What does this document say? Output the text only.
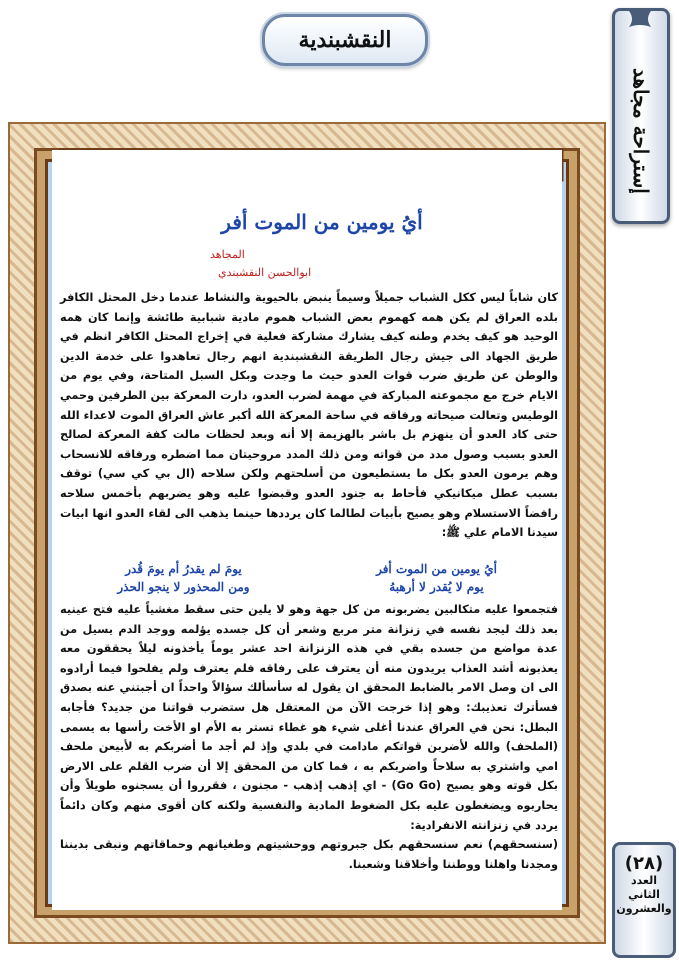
النقشبندية
إستراحة مجاهد
(٢٨)
العدد
الثاني
والعشرون
أيُ يومين من الموت أفر
المجاهد
ابوالحسن النقشبندي

كان شاباً ليس ككل الشباب جميلاً وسيماً ينبض بالحيوية والنشاط عندما دخل المحتل الكافر بلده العراق لم يكن همه كهموم بعض الشباب هموم مادية شبابية طائشة وإنما كان همه الوحيد هو كيف يخدم وطنه كيف يشارك مشاركة فعلية في إخراج المحتل الكافر انظم في طريق الجهاد الى جيش رجال الطريقة النقشبندية انهم رجال تعاهدوا على خدمة الدين والوطن عن طريق ضرب قوات العدو حيث ما وجدت وبكل السبل المتاحة، وفي يوم من الايام خرج مع مجموعته المباركة في مهمة لضرب العدو، دارت المعركة بين الطرفين وحمي الوطيس وتعالت صيحاته ورفاقه في ساحة المعركة الله أكبر عاش العراق الموت لاعداء الله حتى كاد العدو أن ينهزم بل باشر بالهزيمة إلا أنه وبعد لحظات مالت كفة المعركة لصالح العدو بسبب وصول مدد من قواته ومن ذلك المدد مروحيتان مما اضطره ورفاقه للانسحاب وهم يرمون العدو بكل ما يستطيعون من أسلحتهم ولكن سلاحه (ال بي كي سي) توقف بسبب عطل ميكانيكي فأحاط به جنود العدو وقبضوا عليه وهو يضربهم بأخمس سلاحه رافضاً الاستسلام وهو يصيح بأبيات لطالما كان يرددها حينما يذهب الى لقاء العدو انها ابيات سيدنا الامام علي ﷺ:

أيُ يومين من الموت أفر
يومَ لم يقدرُ أم يومَ قُدر
يوم لا يُقدر لا أرهبهُ
ومن المحذور لا ينجو الحذر

فتجمعوا عليه متكالبين يضربونه من كل جهة وهو لا يلين حتى سقط مغشياً عليه فتح عينيه بعد ذلك ليجد نفسه في زنزانة متر مربع وشعر أن كل جسده يؤلمه ووجد الدم يسيل من عدة مواضع من جسده بقي في هذه الزنزانة احد عشر يوماً يأخذونه ليلاً يحققون معه يعذبونه أشد العذاب يريدون منه أن يعترف على رفاقه فلم يعترف ولم يفلحوا فيما أرادوه الى ان وصل الامر بالضابط المحقق ان يقول له سأسألك سؤالاً واحداً ان أجبتني عنه بصدق فسأترك تعذيبك: وهو إذا خرجت الآن من المعتقل هل ستضرب قواتنا من جديد؟ فأجابه البطل: نحن في العراق عندنا أغلى شيء هو غطاء تستر به الأم او الأخت رأسها به يسمى (الملحف) والله لأضربن قواتكم مادامت في بلدي وإذ لم أجد ما أضربكم به لأبيعن ملحف امي واشتري به سلاحاً واضربكم به ، فما كان من المحقق إلا أن ضرب القلم على الارض بكل قوته وهو يصيح (Go Go) - اي إذهب إذهب - مجنون ، فقرروا أن يسجنوه طويلاً وأن يحاربوه ويضغطون عليه بكل الضغوط المادية والنفسية ولكنه كان أقوى منهم وكان دائماً يردد في زنزانته الانفرادية:

(سنسحقهم) نعم سنسحقهم بكل جبروتهم ووحشيتهم وطغيانهم وحماقاتهم ونبقى بديننا ومجدنا واهلنا ووطننا وأخلاقنا وشعبنا.
